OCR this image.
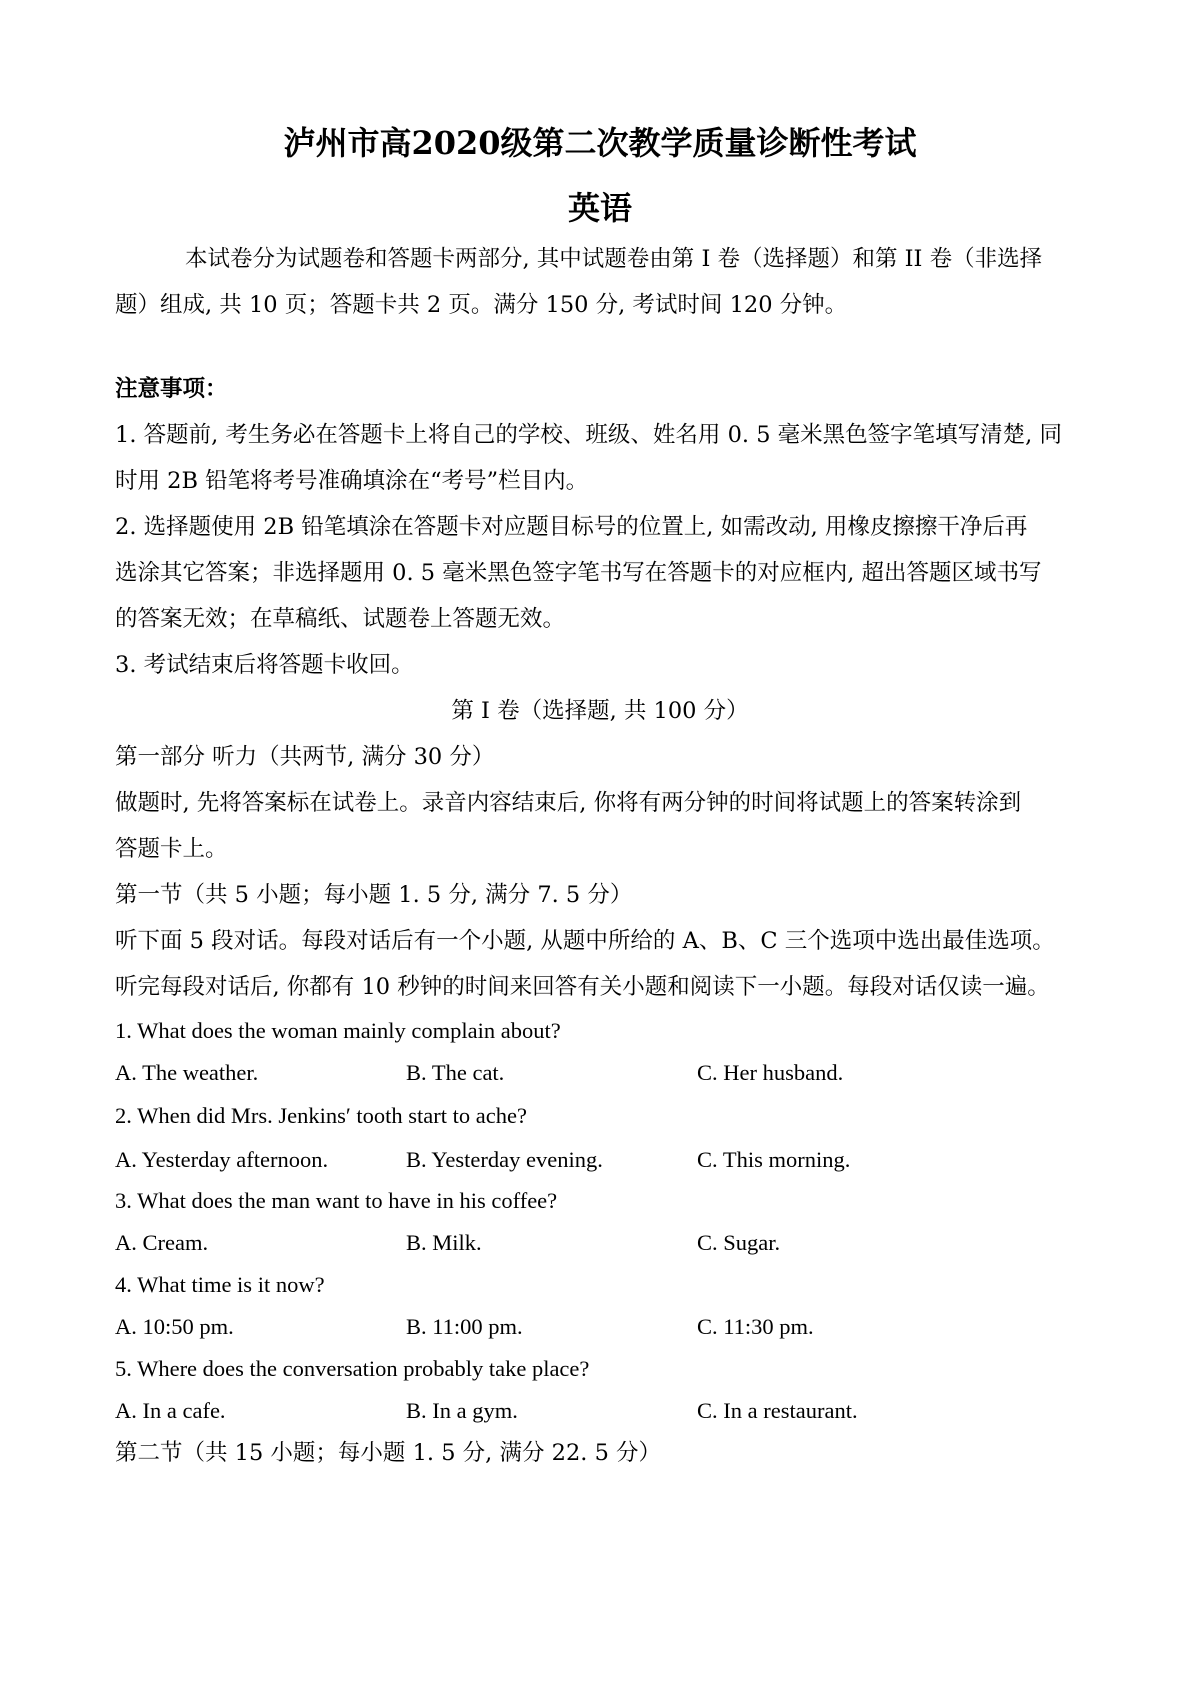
泸州市高2020级第二次教学质量诊断性考试
英语
本试卷分为试题卷和答题卡两部分, 其中试题卷由第 I 卷（选择题）和第 II 卷（非选择
题）组成, 共 10 页；答题卡共 2 页。满分 150 分, 考试时间 120 分钟。
注意事项：
1. 答题前, 考生务必在答题卡上将自己的学校、班级、姓名用 0. 5 毫米黑色签字笔填写清楚, 同
时用 2B 铅笔将考号准确填涂在“考号”栏目内。
2. 选择题使用 2B 铅笔填涂在答题卡对应题目标号的位置上, 如需改动, 用橡皮擦擦干净后再
选涂其它答案；非选择题用 0. 5 毫米黑色签字笔书写在答题卡的对应框内, 超出答题区域书写
的答案无效；在草稿纸、试题卷上答题无效。
3. 考试结束后将答题卡收回。
第 I 卷（选择题, 共 100 分）
第一部分 听力（共两节, 满分 30 分）
做题时, 先将答案标在试卷上。录音内容结束后, 你将有两分钟的时间将试题上的答案转涂到
答题卡上。
第一节（共 5 小题；每小题 1. 5 分, 满分 7. 5 分）
听下面 5 段对话。每段对话后有一个小题, 从题中所给的 A、B、C 三个选项中选出最佳选项。
听完每段对话后, 你都有 10 秒钟的时间来回答有关小题和阅读下一小题。每段对话仅读一遍。
1. What does the woman mainly complain about?
A. The weather.	B. The cat.	C. Her husband.
2. When did Mrs. Jenkins′ tooth start to ache?
A. Yesterday afternoon.	B. Yesterday evening.	C. This morning.
3. What does the man want to have in his coffee?
A. Cream.	B. Milk.	C. Sugar.
4. What time is it now?
A. 10:50 pm.	B. 11:00 pm.	C. 11:30 pm.
5. Where does the conversation probably take place?
A. In a cafe.	B. In a gym.	C. In a restaurant.
第二节（共 15 小题；每小题 1. 5 分, 满分 22. 5 分）
